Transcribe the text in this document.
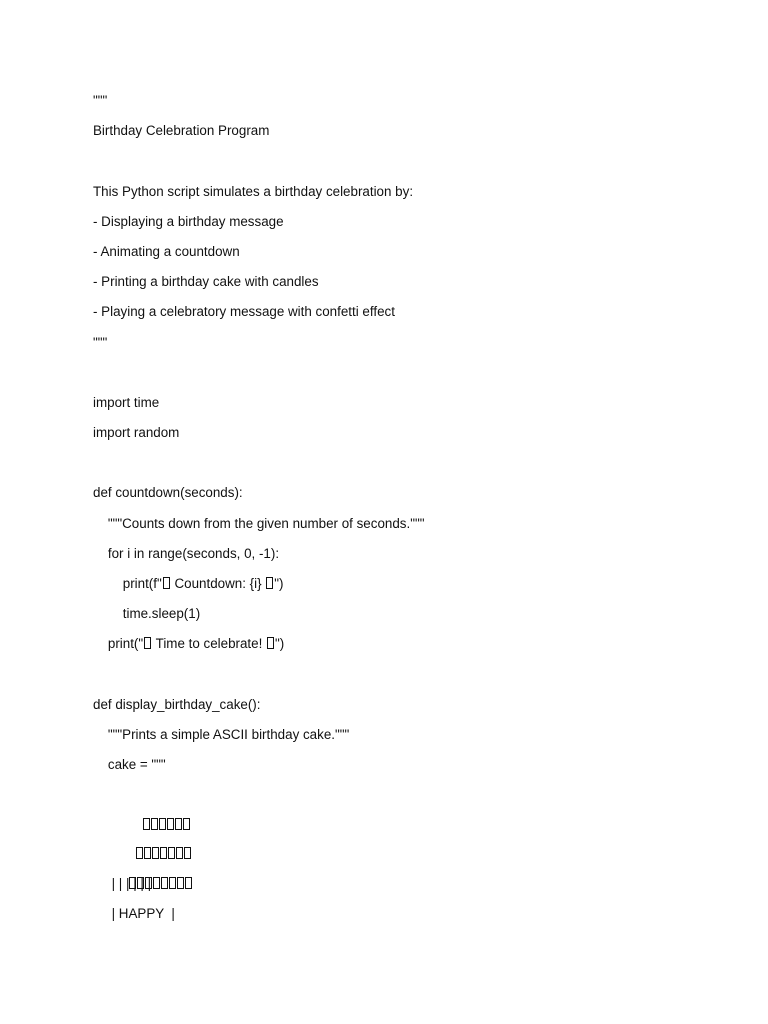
"""
Birthday Celebration Program
This Python script simulates a birthday celebration by:
- Displaying a birthday message
- Animating a countdown
- Printing a birthday cake with candles
- Playing a celebratory message with confetti effect
"""
import time
import random
def countdown(seconds):
"""Counts down from the given number of seconds."""
for i in range(seconds, 0, -1):
print(f" Countdown: {i} ")
time.sleep(1)
print(" Time to celebrate! ")
def display_birthday_cake():
"""Prints a simple ASCII birthday cake."""
cake = """

| | | | | |
| HAPPY  |
